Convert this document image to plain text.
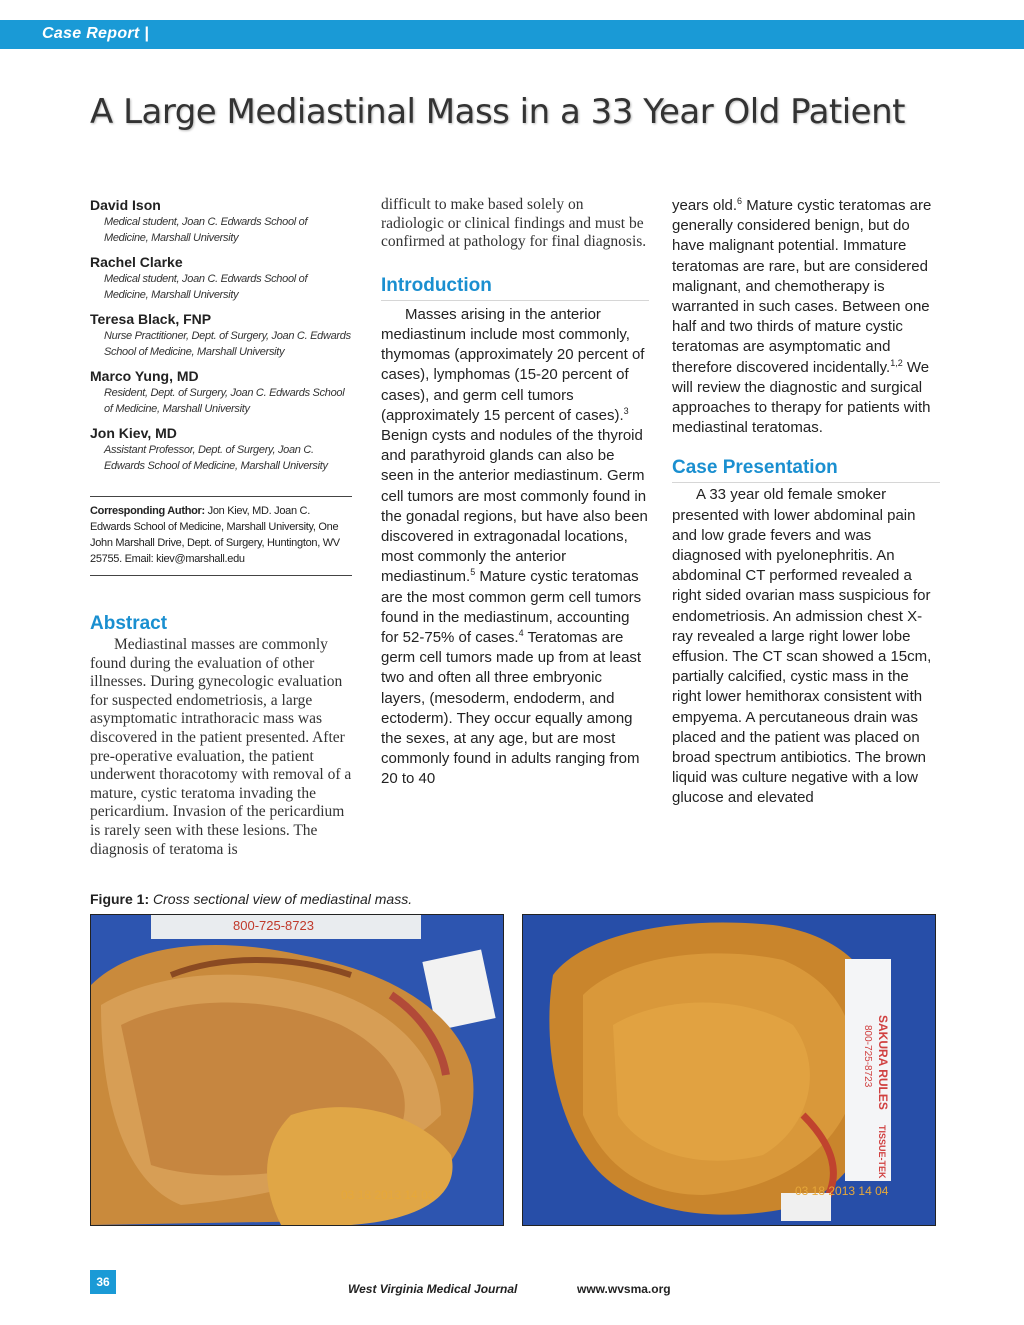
Case Report |
A Large Mediastinal Mass in a 33 Year Old Patient
David Ison
Medical student, Joan C. Edwards School of Medicine, Marshall University
Rachel Clarke
Medical student, Joan C. Edwards School of Medicine, Marshall University
Teresa Black, FNP
Nurse Practitioner, Dept. of Surgery, Joan C. Edwards School of Medicine, Marshall University
Marco Yung, MD
Resident, Dept. of Surgery, Joan C. Edwards School of Medicine, Marshall University
Jon Kiev, MD
Assistant Professor, Dept. of Surgery, Joan C. Edwards School of Medicine, Marshall University
Corresponding Author: Jon Kiev, MD. Joan C. Edwards School of Medicine, Marshall University, One John Marshall Drive, Dept. of Surgery, Huntington, WV 25755. Email: kiev@marshall.edu
Abstract

Mediastinal masses are commonly found during the evaluation of other illnesses. During gynecologic evaluation for suspected endometriosis, a large asymptomatic intrathoracic mass was discovered in the patient presented. After pre-operative evaluation, the patient underwent thoracotomy with removal of a mature, cystic teratoma invading the pericardium. Invasion of the pericardium is rarely seen with these lesions. The diagnosis of teratoma is

difficult to make based solely on radiologic or clinical findings and must be confirmed at pathology for final diagnosis.

Introduction

Masses arising in the anterior mediastinum include most commonly, thymomas (approximately 20 percent of cases), lymphomas (15-20 percent of cases), and germ cell tumors (approximately 15 percent of cases).$^3$ Benign cysts and nodules of the thyroid and parathyroid glands can also be seen in the anterior mediastinum. Germ cell tumors are most commonly found in the gonadal regions, but have also been discovered in extragonadal locations, most commonly the anterior mediastinum.$^5$ Mature cystic teratomas are the most common germ cell tumors found in the mediastinum, accounting for 52-75% of cases.$^4$ Teratomas are germ cell tumors made up from at least two and often all three embryonic layers, (mesoderm, endoderm, and ectoderm). They occur equally among the sexes, at any age, but are most commonly found in adults ranging from 20 to 40

years old.$^6$ Mature cystic teratomas are generally considered benign, but do have malignant potential. Immature teratomas are rare, but are considered malignant, and chemotherapy is warranted in such cases. Between one half and two thirds of mature cystic teratomas are asymptomatic and therefore discovered incidentally.$^{1,2}$ We will review the diagnostic and surgical approaches to therapy for patients with mediastinal teratomas.

Case Presentation

A 33 year old female smoker presented with lower abdominal pain and low grade fevers and was diagnosed with pyelonephritis. An abdominal CT performed revealed a right sided ovarian mass suspicious for endometriosis. An admission chest X-ray revealed a large right lower lobe effusion. The CT scan showed a 15cm, partially calcified, cystic mass in the right lower hemithorax consistent with empyema. A percutaneous drain was placed and the patient was placed on broad spectrum antibiotics. The brown liquid was culture negative with a low glucose and elevated

Figure 1: Cross sectional view of mediastinal mass.
800-725-8723
03 18 2013 14 03
SAKURA RULES
800-725-8723
TISSUE-TEK
03 18 2013 14 04
36	West Virginia Medical Journal	www.wvsma.org
